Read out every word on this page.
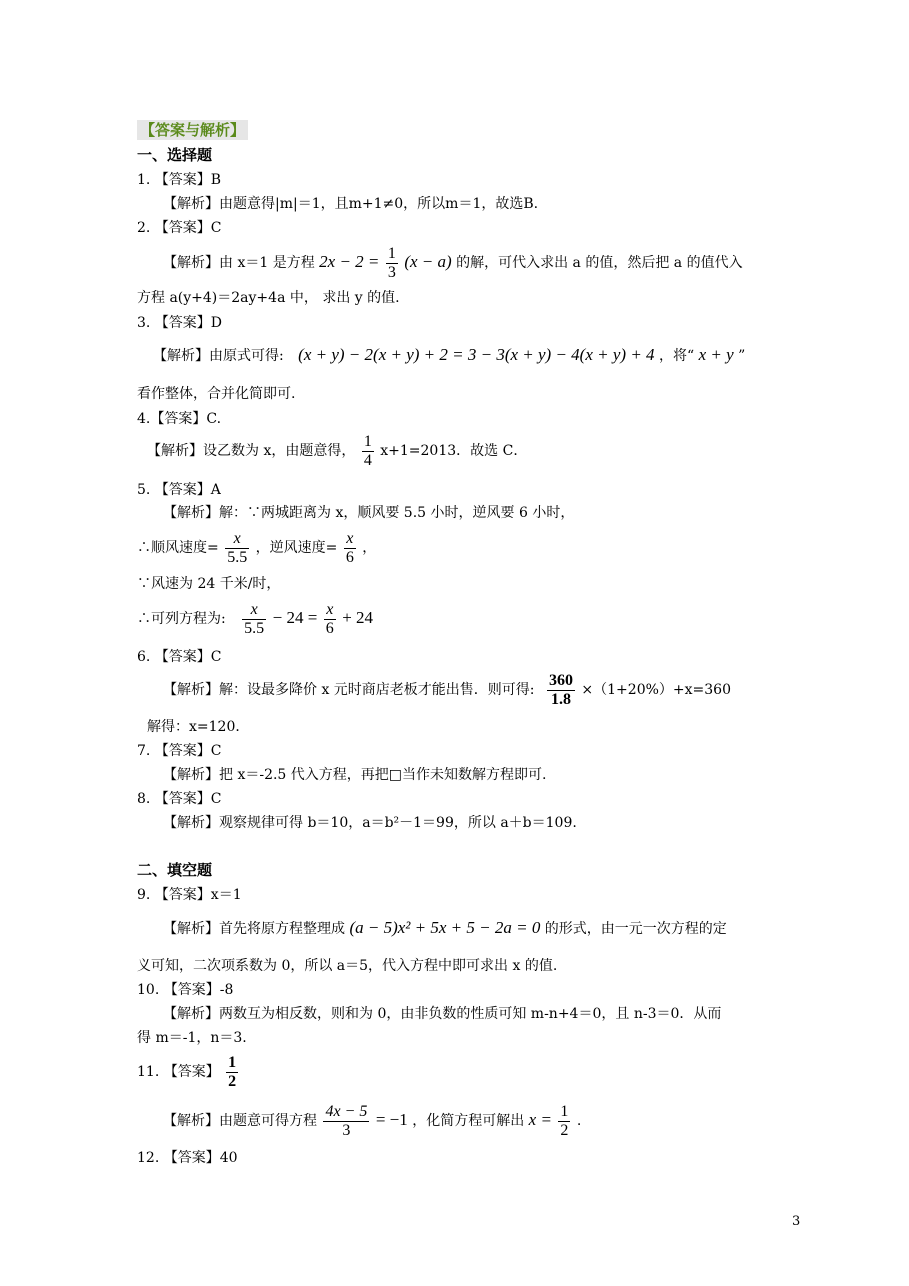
【答案与解析】
一、选择题
1. 【答案】B
【解析】由题意得|m|＝1，且m+1≠0，所以m＝1，故选B.
2. 【答案】C
【解析】由 x＝1 是方程 $2x - 2 = \frac{1}{3} (x - a)$ 的解，可代入求出 a 的值，然后把 a 的值代入
方程 a(y+4)＝2ay+4a 中， 求出 y 的值.
3. 【答案】D
【解析】由原式可得: (x + y) − 2(x + y) + 2 = 3 − 3(x + y) − 4(x + y) + 4 ，将“ x + y ”
看作整体，合并化简即可.
4.【答案】C.
【解析】设乙数为 x，由题意得， $\frac{1}{4} x+1=2013$．故选 C．
5. 【答案】A
【解析】解：∵两城距离为 x，顺风要 5.5 小时，逆风要 6 小时，
∴顺风速度= $\frac{x}{5.5}$ ，逆风速度= $\frac{x}{6}$ ，
∵风速为 24 千米/时，
∴可列方程为: $\frac{x}{5.5} - 24 = \frac{x}{6} + 24$
6. 【答案】C
【解析】解：设最多降价 x 元时商店老板才能出售．则可得: $\frac{360}{1.8} \times(1+20\%)+x=360$
解得：x=120．
7. 【答案】C
【解析】把 x＝-2.5 代入方程，再把□当作未知数解方程即可.
8. 【答案】C
【解析】观察规律可得 b＝10，a＝b²－1＝99，所以 a＋b＝109.
二、填空题
9. 【答案】x＝1
【解析】首先将原方程整理成 (a − 5)x² + 5x + 5 − 2a = 0 的形式，由一元一次方程的定
义可知，二次项系数为 0，所以 a＝5，代入方程中即可求出 x 的值.
10. 【答案】-8
【解析】两数互为相反数，则和为 0，由非负数的性质可知 m-n+4＝0，且 n-3＝0．从而
得 m＝-1，n＝3.
11. 【答案】 $\frac{1}{2}$
【解析】由题意可得方程 $\frac{4x - 5}{3} = -1$ ，化简方程可解出 $x = \frac{1}{2}$ .
12. 【答案】40
3
